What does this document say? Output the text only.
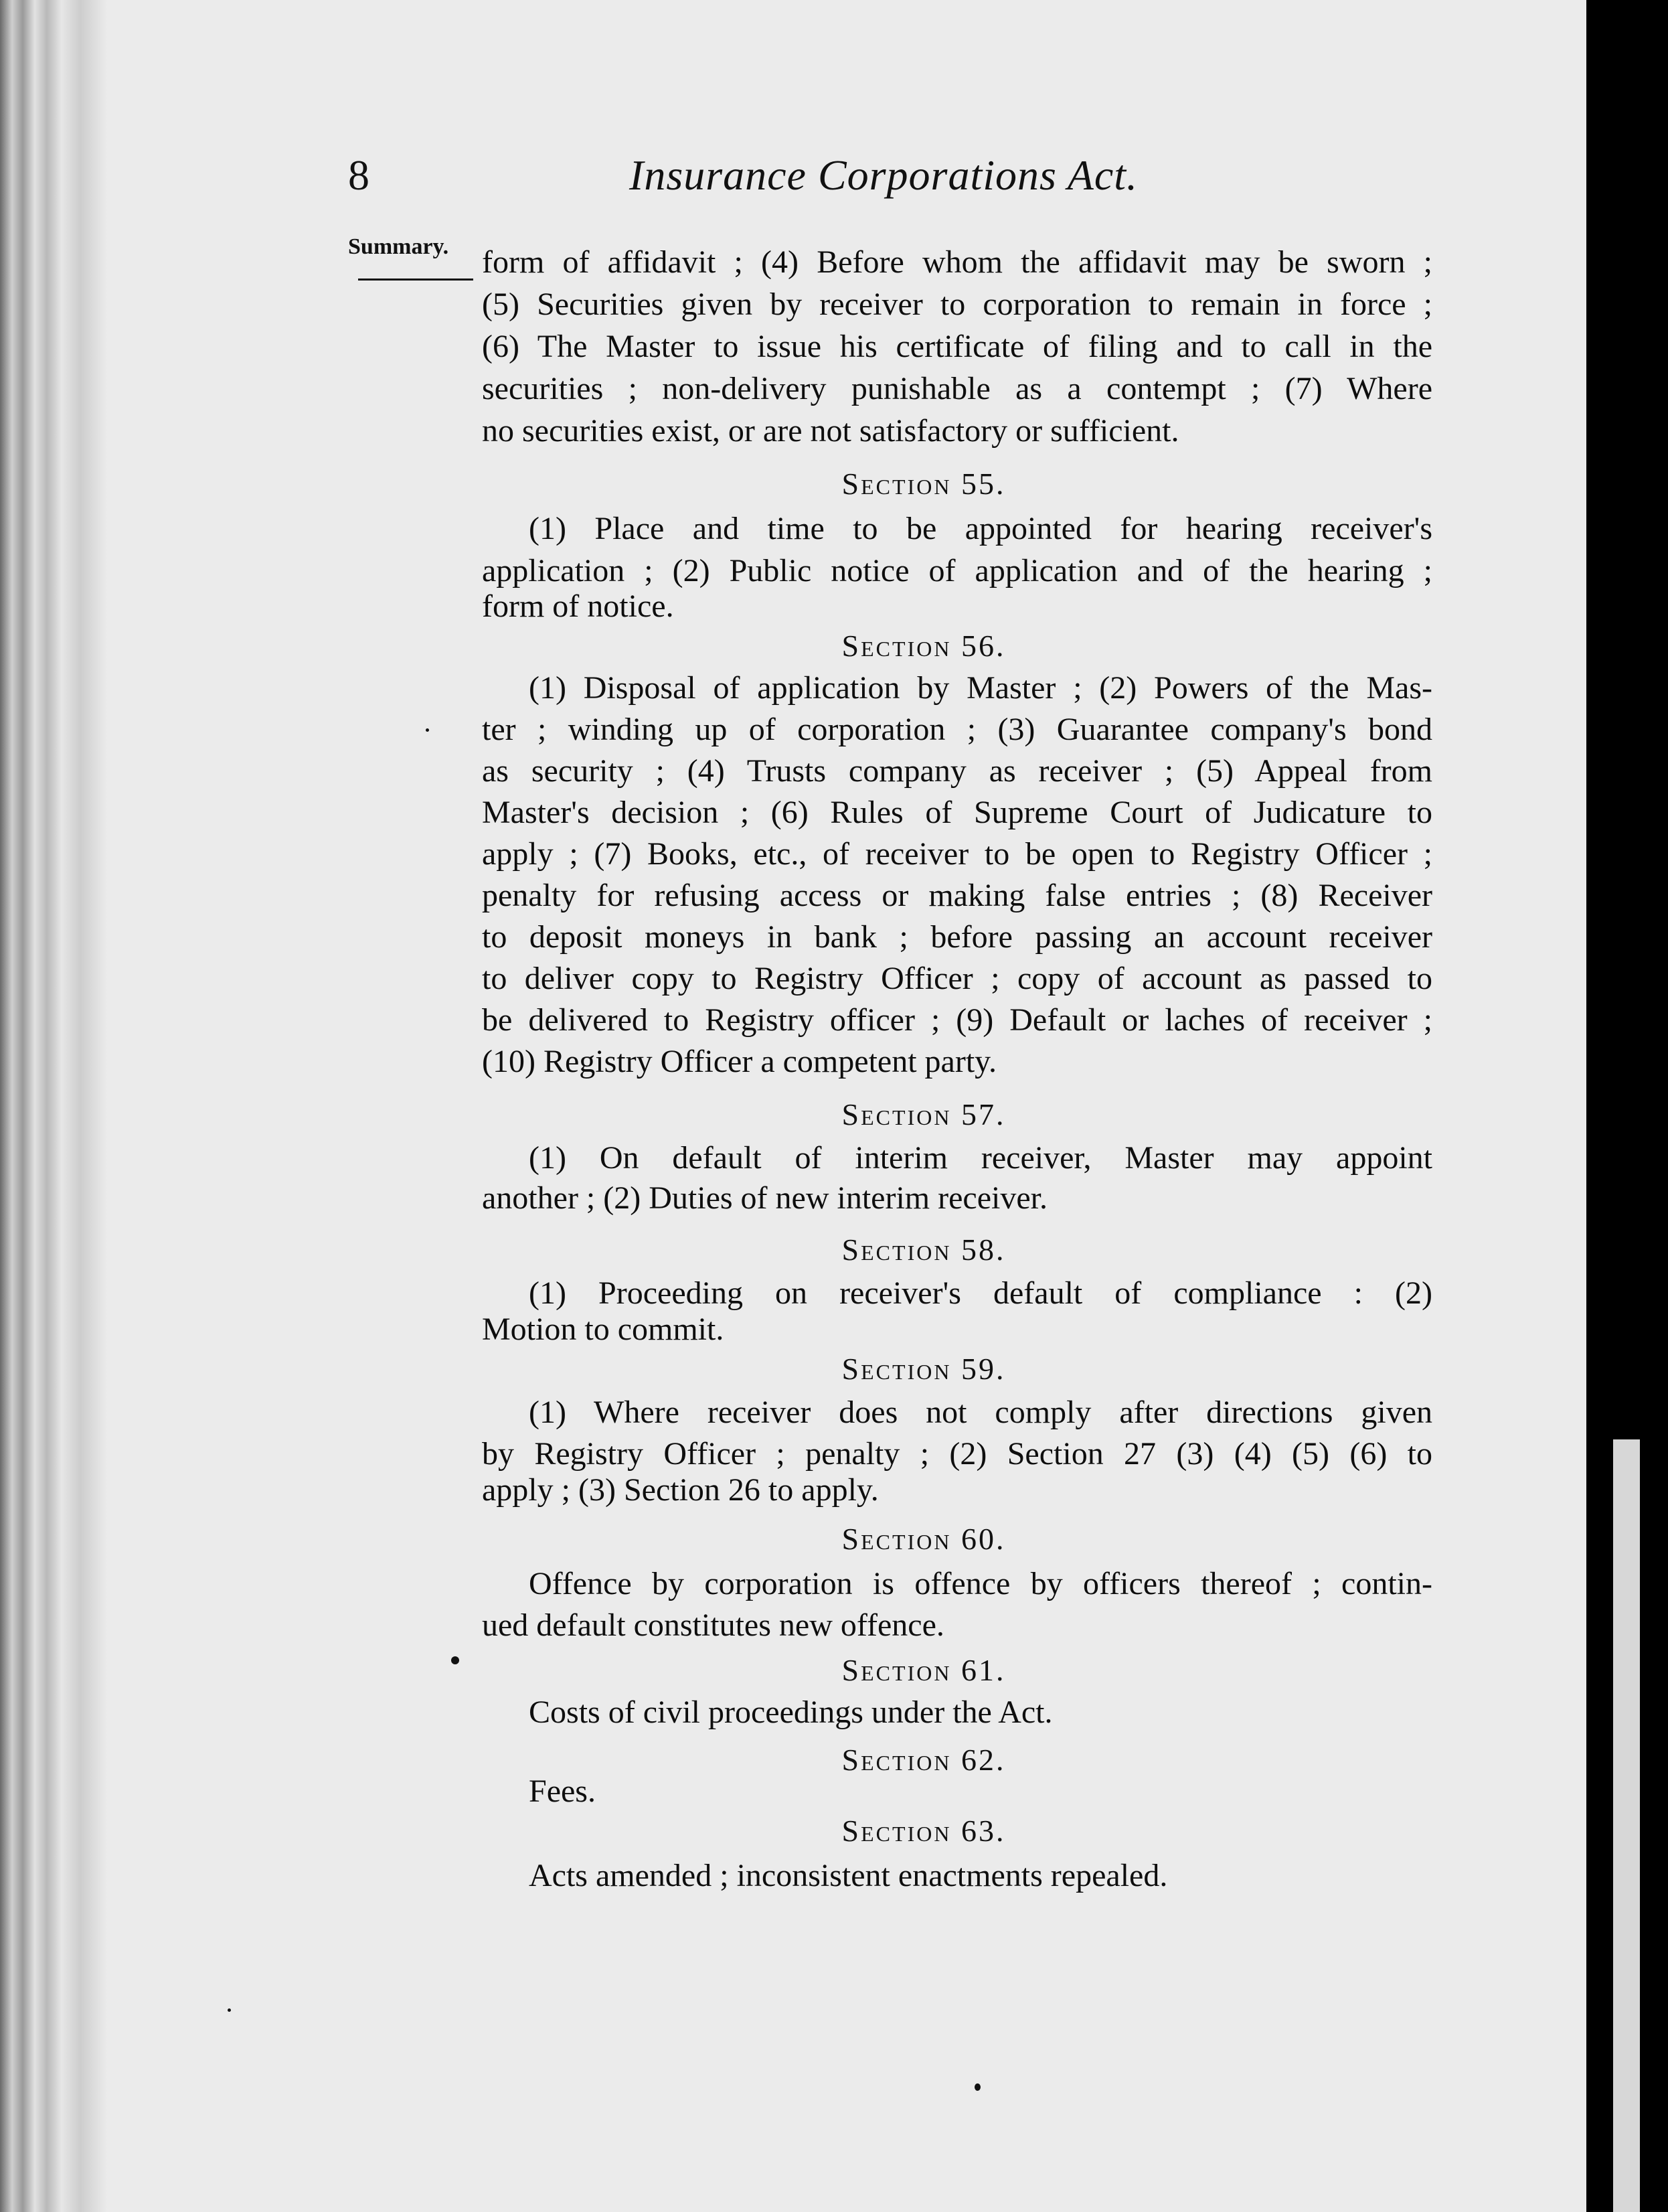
8	Insurance Corporations Act.
Summary. form of affidavit ; (4) Before whom the affidavit may be sworn ;
(5) Securities given by receiver to corporation to remain in force ;
(6) The Master to issue his certificate of filing and to call in the
securities ; non-delivery punishable as a contempt ; (7) Where
no securities exist, or are not satisfactory or sufficient.
Section 55.
(1) Place and time to be appointed for hearing receiver's
application ; (2) Public notice of application and of the hearing ;
form of notice.
Section 56.
(1) Disposal of application by Master ; (2) Powers of the Mas-
ter ; winding up of corporation ; (3) Guarantee company's bond
as security ; (4) Trusts company as receiver ; (5) Appeal from
Master's decision ; (6) Rules of Supreme Court of Judicature to
apply ; (7) Books, etc., of receiver to be open to Registry Officer ;
penalty for refusing access or making false entries ; (8) Receiver
to deposit moneys in bank ; before passing an account receiver
to deliver copy to Registry Officer ; copy of account as passed to
be delivered to Registry officer ; (9) Default or laches of receiver ;
(10) Registry Officer a competent party.
Section 57.
(1) On default of interim receiver, Master may appoint
another ; (2) Duties of new interim receiver.
Section 58.
(1) Proceeding on receiver's default of compliance : (2)
Motion to commit.
Section 59.
(1) Where receiver does not comply after directions given
by Registry Officer ; penalty ; (2) Section 27 (3) (4) (5) (6) to
apply ; (3) Section 26 to apply.
Section 60.
Offence by corporation is offence by officers thereof ; contin-
ued default constitutes new offence.
Section 61.
Costs of civil proceedings under the Act.
Section 62.
Fees.
Section 63.
Acts amended ; inconsistent enactments repealed.
